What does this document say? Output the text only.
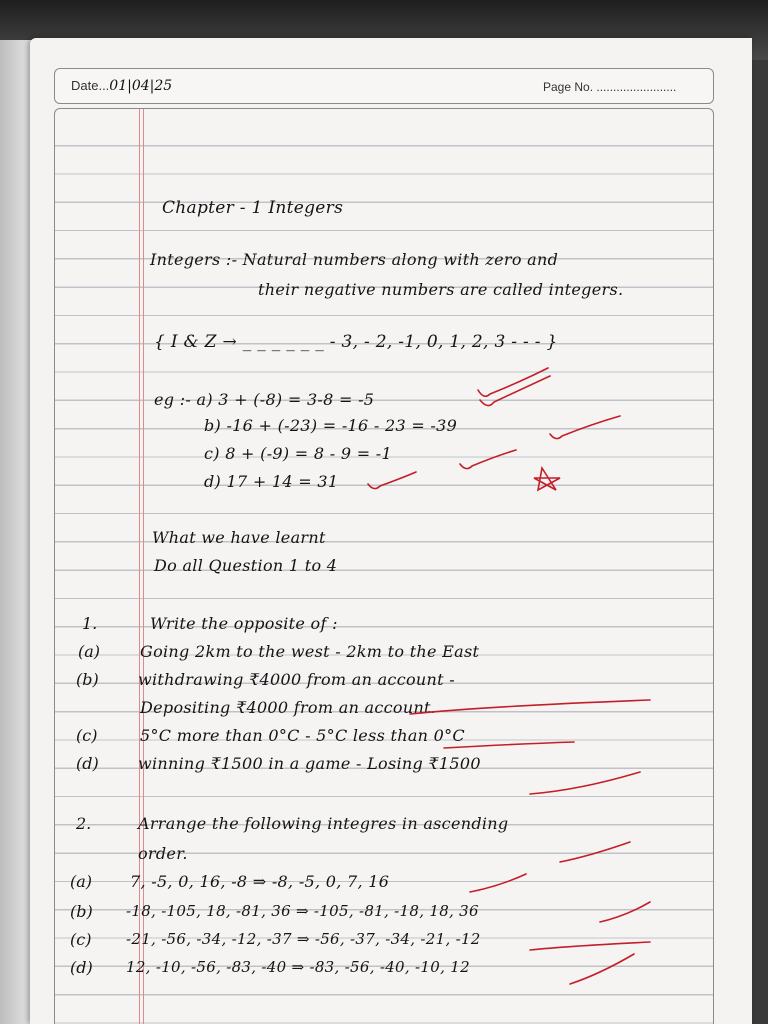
Date...01|04|25	Page No. ........................
Chapter - 1 Integers
Integers :- Natural numbers along with zero and
their negative numbers are called integers.
{ I & Z → _ _ _ _ _ _ - 3, - 2, -1, 0, 1, 2, 3 - - - }
eg :- a) 3 + (-8) = 3-8 = -5
b) -16 + (-23) = -16 - 23 = -39
c) 8 + (-9) = 8 - 9 = -1
d) 17 + 14 = 31
What we have learnt
Do all Question 1 to 4
1.	Write the opposite of :
(a) Going 2km to the west - 2km to the East
(b) withdrawing ₹4000 from an account -
Depositing ₹4000 from an account.
(c)	5°C more than 0°C - 5°C less than 0°C
(d) winning ₹1500 in a game - Losing ₹1500
2.	Arrange the following integres in ascending
order.
(a) 7, -5, 0, 16, -8 ⇒ -8, -5, 0, 7, 16
(b) -18, -105, 18, -81, 36 ⇒ -105, -81, -18, 18, 36
(c) -21, -56, -34, -12, -37 ⇒ -56, -37, -34, -21, -12
(d) 12, -10, -56, -83, -40 ⇒ -83, -56, -40, -10, 12
